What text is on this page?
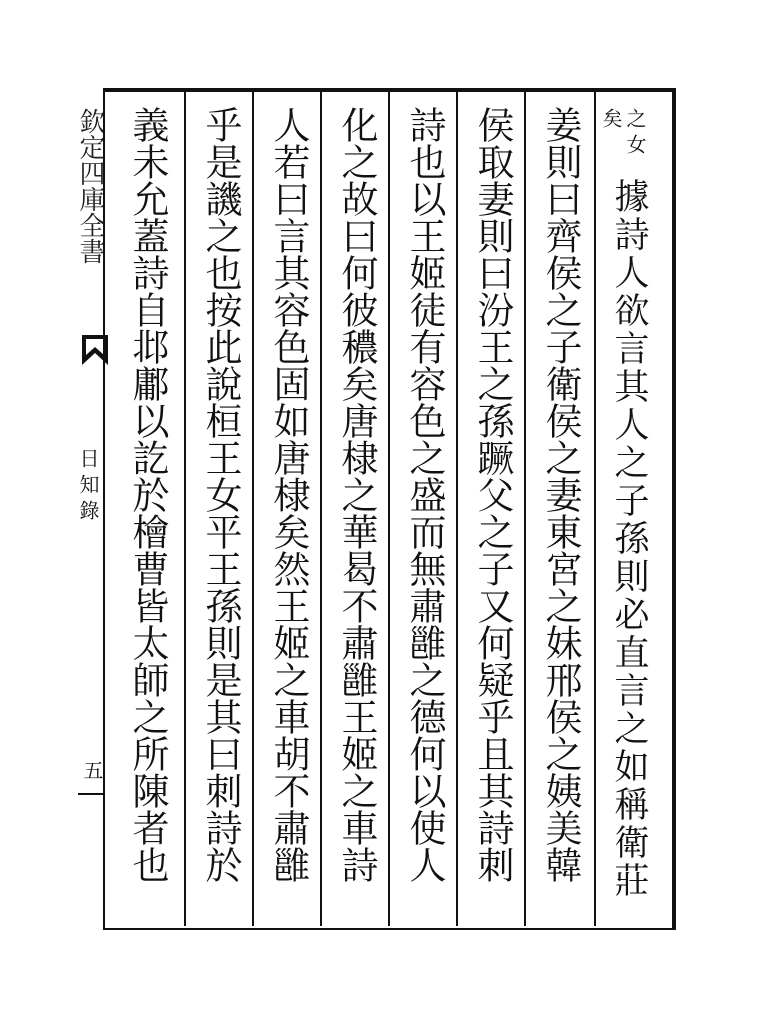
欽定四庫全書
日知錄
五
之女
矣
據詩人欲言其人之子孫則必直言之如稱衛莊
姜則曰齊侯之子衛侯之妻東宮之妹邢侯之姨美韓
侯取妻則曰汾王之孫蹶父之子又何疑乎且其詩刺
詩也以王姬徒有容色之盛而無肅雝之德何以使人
化之故曰何彼穠矣唐棣之華曷不肅雝王姬之車詩
人若曰言其容色固如唐棣矣然王姬之車胡不肅雝
乎是譏之也按此說桓王女平王孫則是其曰刺詩於
義未允蓋詩自邶鄘以訖於檜曹皆太師之所陳者也
